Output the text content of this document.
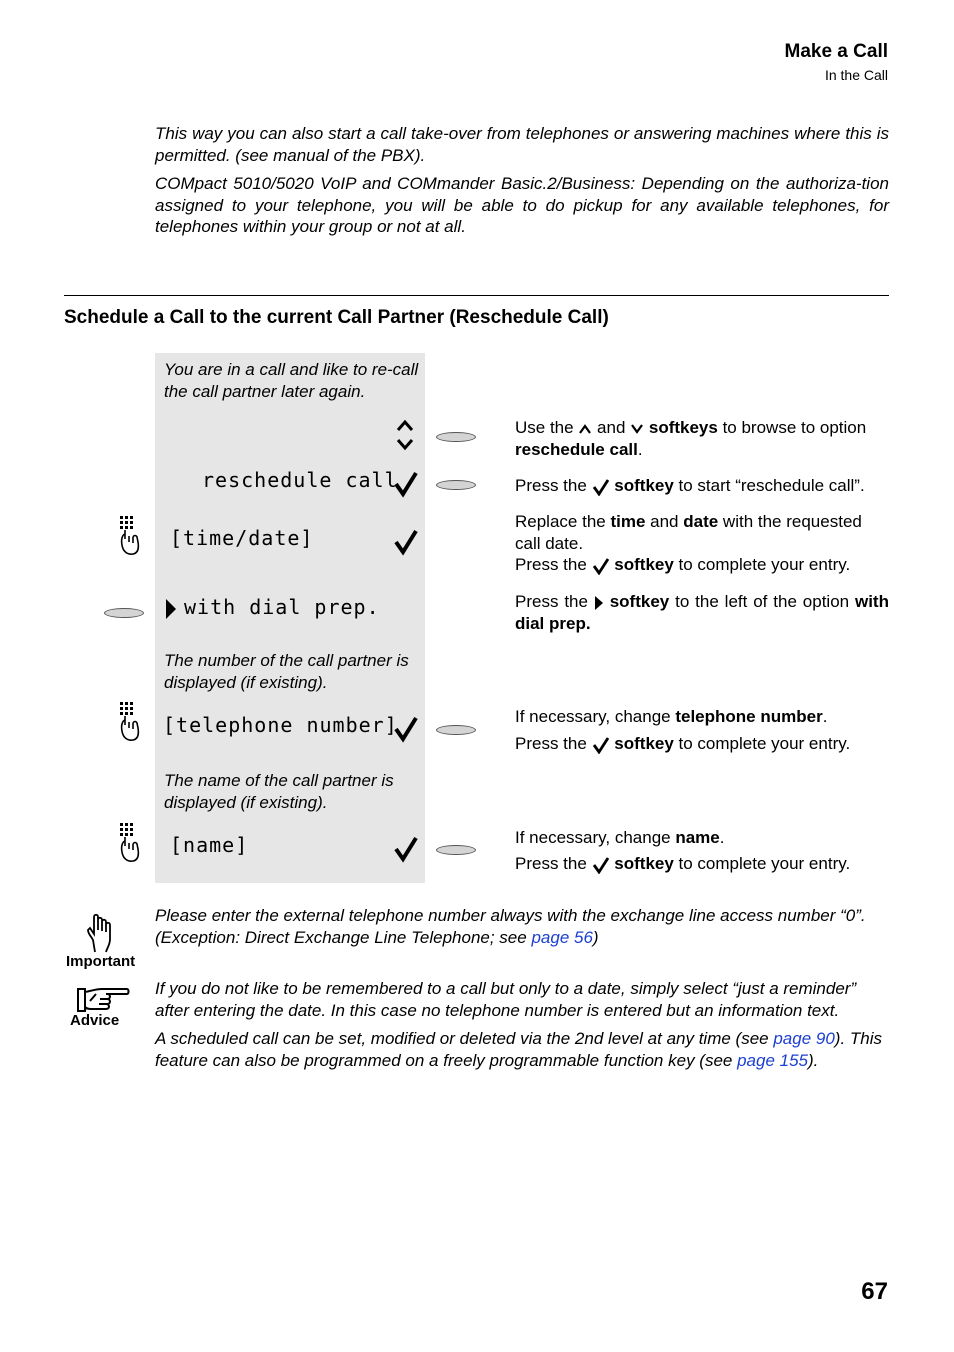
Make a Call
In the Call
This way you can also start a call take-over from telephones or answering machines where this is permitted. (see manual of the PBX).
COMpact 5010/5020 VoIP and COMmander Basic.2/Business: Depending on the authoriza-tion assigned to your telephone, you will be able to do pickup for any available telephones, for telephones within your group or not at all.
Schedule a Call to the current Call Partner (Reschedule Call)
You are in a call and like to re-call the call partner later again.
reschedule call
[time/date]
with dial prep.
The number of the call partner is displayed (if existing).
[telephone number]
The name of the call partner is displayed (if existing).
[name]
Use the  and  softkeys to browse to option reschedule call.
Press the  softkey to start “reschedule call”.
Replace the time and date with the requested call date.
Press the  softkey to complete your entry.
Press the  softkey to the left of the option with dial prep.
If necessary, change telephone number.
Press the  softkey to complete your entry.
If necessary, change name.
Press the  softkey to complete your entry.
Important
Please enter the external telephone number always with the exchange line access number “0”. (Exception: Direct Exchange Line Telephone; see page 56)
Advice
If you do not like to be remembered to a call but only to a date, simply select “just a reminder” after entering the date. In this case no telephone number is entered but an information text.
A scheduled call can be set, modified or deleted via the 2nd level at any time (see page 90). This feature can also be programmed on a freely programmable function key (see page 155).
67
